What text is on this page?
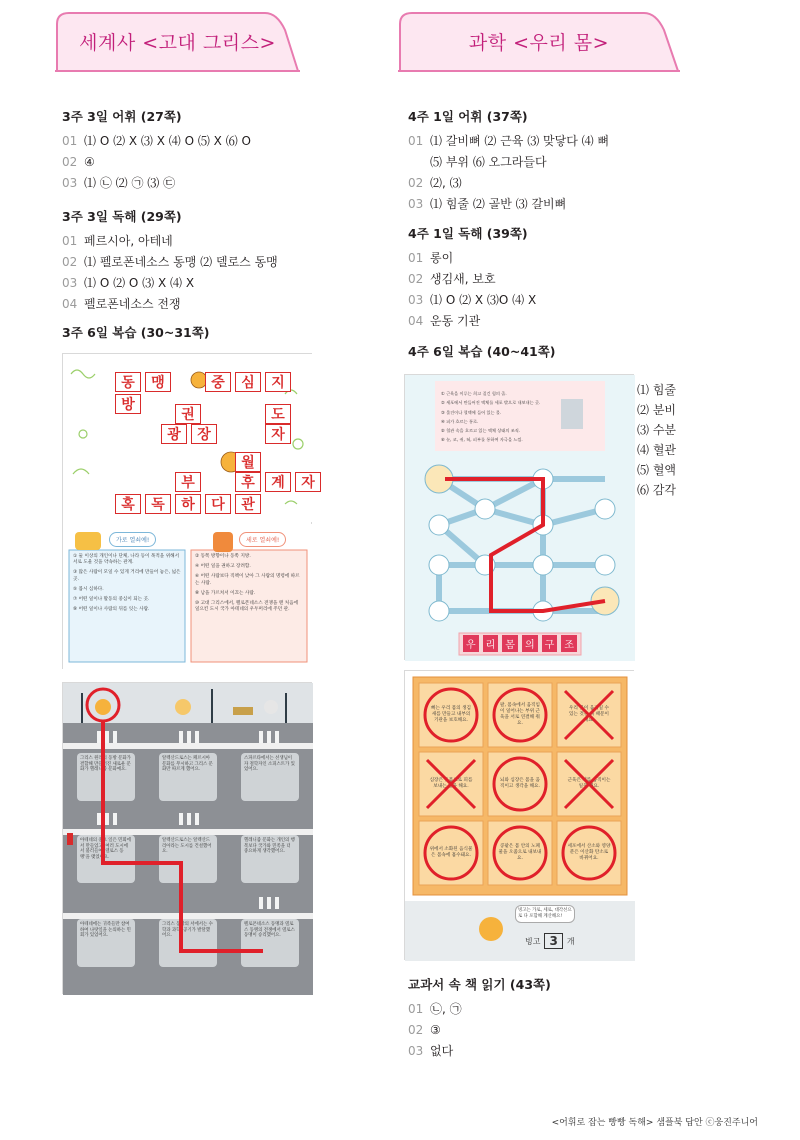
세계사 <고대 그리스>	과학 <우리 몸>
3주 3일 어휘 (27쪽)
01 ⑴ O ⑵ X ⑶ X ⑷ O ⑸ X ⑹ O
02 ④
03 ⑴ ㉡ ⑵ ㉠ ⑶ ㉢
3주 3일 독해 (29쪽)
01 페르시아, 아테네
02 ⑴ 펠로폰네소스 동맹 ⑵ 델로스 동맹
03 ⑴ O ⑵ O ⑶ X ⑷ X
04 펠로폰네소스 전쟁
3주 6일 복습 (30~31쪽)
동	맹	중	심	지
방
권	도
광	장	자
월
부	후	계	자
혹	독	하	다	관
가로 열쇠예!	세로 열쇠예!
① 둘 이상의 개인이나 단체, 나라 등이 목적을 위해서 서로 도울 것을 약속하는 관계.
③ 많은 사람이 모일 수 있게 거리에 만들어 놓은, 넓은 곳.
⑤ 몹시 심하다.
⑦ 어떤 일이나 활동의 중심이 되는 곳.
⑨ 어떤 일이나 사람의 뒤를 잇는 사람.
② 동쪽 방향이나 동쪽 지방.
④ 어떤 일을 권하고 장려함.
⑥ 어떤 사람보다 직책이 낮아 그 사람의 명령에 따르는 사람.
⑧ 남을 가르쳐서 이끄는 사람.
⑩ 고대 그리스에서, 펠로폰네소스 전쟁을 맨 처음에 일으킨 도시 국가 아테네의 우두머리에 주던 관.
그리스 원래의 동방 문화가 결합해 만들어진 새로운 문화가 헬레니즘 문화예요.
알렉산드로스는 페르시아 문화를 무시하고 그리스 문화만 따르게 했어요.
스파르타에서는 선생님이자 철학자인 소피스트가 있었어요.
아테네의 중요 일은 민회에서 만들었고, 여러 도시에서 불러들여 '델로스 동맹'을 맺었어요.
알렉산드로스는 알렉산드리아라는 도시를 건설했어요.
헬레니즘 문화는 개인의 행복보다 국가와 민족을 더 중요하게 생각했어요.
아테네에는 귀족들만 참여하여 나랏일을 논의하는 민회가 있었어요.
그리스 동방의 서에서는 수학과 과학, 공기가 발달했어요.
펠로폰네소스 동맹과 델로스 동맹의 전쟁에서 델로스 동맹이 승리했어요.
4주 1일 어휘 (37쪽)
01 ⑴ 갈비뼈 ⑵ 근육 ⑶ 맞닿다 ⑷ 뼈
⑸ 부위 ⑹ 오그라들다
02 ⑵, ⑶
03 ⑴ 힘줄 ⑵ 골반 ⑶ 갈비뼈
4주 1일 독해 (39쪽)
01 롱이
02 생김새, 보호
03 ⑴ O ⑵ X ⑶O ⑷ X
04 운동 기관
4주 6일 복습 (40~41쪽)
① 근육을 이루는 희고 질긴 힘의 줄.
② 세포에서 만들어진 액체를 세포 밖으로 내보내는 곳.
③ 물건이나 혈액에 들어 있는 물.
④ 피가 흐르는 통로.
⑤ 혈관 속을 흐르고 있는 액체 상태의 조직.
⑥ 눈, 코, 귀, 혀, 피부를 통하여 자극을 느낌.
우 리 몸 의 구 조
⑴ 힘줄
⑵ 분비
⑶ 수분
⑷ 혈관
⑸ 혈액
⑹ 감각
뼈는 우리 몸의 생김새를 만들고 내부의 기관을 보호해요.
팔, 몸속에서 움직임이 일어나는 부위 근육을 서로 연결해 줘요.
우리 몸이 움직일 수 있는 것은 뼈 때문이에요.
심장은 온몸으로 피를 보내는 일을 해요.
뇌와 심장은 몸을 움직이고 생각을 해요.
근육은 뼈를 움직이는 일을 해요.
위에서 소화된 음식물은 몸속에 흡수돼요.
콩팥은 몸 안의 노폐물을 오줌으로 내보내요.
세포에서 산소와 영양분은 이산화 탄소로 바뀌어요.
빙고는 가로, 세로, 대각선으로 다 포함해 계산해요!
빙고 3	개
교과서 속 책 읽기 (43쪽)
01 ㉡, ㉠
02 ③
03 없다
<어휘로 잡는 빵빵 독해> 샘플북 답안 ⓒ웅진주니어
